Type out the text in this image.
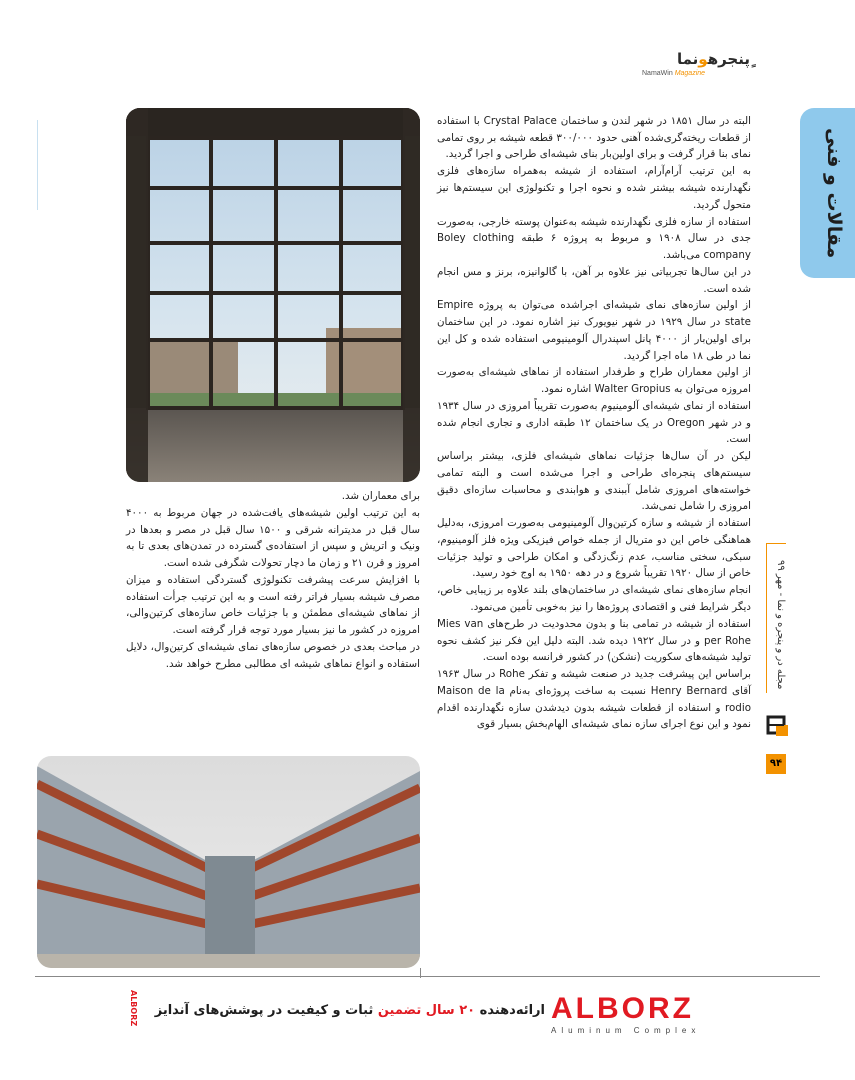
ٍپنجرهونما
NamaWin Magazine
مقالات و فنی
مجله در و پنجره و نما - مهر ۹۹
۹۴

البته در سال ۱۸۵۱ در شهر لندن و ساختمان Crystal Palace با استفاده از قطعات ریخته‌گری‌شده آهنی حدود ۳۰۰/۰۰۰ قطعه شیشه بر روی تمامی نمای بنا قرار گرفت و برای اولین‌بار بنای شیشه‌ای طراحی و اجرا گردید.

به این ترتیب آرام‌آرام، استفاده از شیشه به‌همراه سازه‌های فلزی نگهدارنده شیشه بیشتر شده و نحوه اجرا و تکنولوژی این سیستم‌ها نیز متحول گردید.

استفاده از سازه فلزی نگهدارنده شیشه به‌عنوان پوسته خارجی، به‌صورت جدی در سال ۱۹۰۸ و مربوط به پروژه ۶ طبقه Boley clothing company می‌باشد.

در این سال‌ها تجربیاتی نیز علاوه بر آهن، با گالوانیزه، برنز و مس انجام شده است.

از اولین سازه‌های نمای شیشه‌ای اجراشده می‌توان به پروژه Empire state در سال ۱۹۲۹ در شهر نیویورک نیز اشاره نمود. در این ساختمان برای اولین‌بار از ۴۰۰۰ پانل اسپندرال آلومینیومی استفاده شده و کل این نما در طی ۱۸ ماه اجرا گردید.

از اولین معماران طراح و طرفدار استفاده از نماهای شیشه‌ای به‌صورت امروزه می‌توان به Walter Gropius اشاره نمود.

استفاده از نمای شیشه‌ای آلومینیوم به‌صورت تقریباً امروزی در سال ۱۹۳۴ و در شهر Oregon در یک ساختمان ۱۲ طبقه اداری و تجاری انجام شده است.

لیکن در آن سال‌ها جزئیات نماهای شیشه‌ای فلزی، بیشتر براساس سیستم‌های پنجره‌ای طراحی و اجرا می‌شده است و البته تمامی خواسته‌های امروزی شامل آببندی و هوابندی و محاسبات سازه‌ای دقیق امروزی را شامل نمی‌شد.

استفاده از شیشه و سازه کرتین‌وال آلومینیومی به‌صورت امروزی، به‌دلیل هماهنگی خاص این دو متریال از جمله خواص فیزیکی ویژه فلز آلومینیوم، سبکی، سختی مناسب، عدم زنگ‌زدگی و امکان طراحی و تولید جزئیات خاص از سال ۱۹۲۰ تقریباً شروع و در دهه ۱۹۵۰ به اوج خود رسید.

انجام سازه‌های نمای شیشه‌ای در ساختمان‌های بلند علاوه بر زیبایی خاص، دیگر شرایط فنی و اقتصادی پروژه‌ها را نیز به‌خوبی تأمین می‌نمود.

استفاده از شیشه در تمامی بنا و بدون محدودیت در طرح‌های Mies van per Rohe و در سال ۱۹۲۲ دیده شد. البته دلیل این فکر نیز کشف نحوه تولید شیشه‌های سکوریت (نشکن) در کشور فرانسه بوده است.

براساس این پیشرفت جدید در صنعت شیشه و تفکر Rohe در سال ۱۹۶۳ آقای Henry Bernard نسبت به ساخت پروژه‌ای به‌نام Maison de la rodio و استفاده از قطعات شیشه بدون دیدشدن سازه نگهدارنده اقدام نمود و این نوع اجرای سازه نمای شیشه‌ای الهام‌بخش بسیار قوی

برای معماران شد.

به این ترتیب اولین شیشه‌های یافت‌شده در جهان مربوط به ۴۰۰۰ سال قبل در مدیترانه شرقی و ۱۵۰۰ سال قبل در مصر و بعدها در ونیک و اتریش و سپس از استفاده‌ی گسترده در تمدن‌های بعدی تا به امروز و قرن ۲۱ و زمان ما دچار تحولات شگرفی شده است.

با افزایش سرعت پیشرفت تکنولوژی گستردگی استفاده و میزان مصرف شیشه بسیار فراتر رفته است و به این ترتیب جرأت استفاده از نماهای شیشه‌ای مطمئن و با جزئیات خاص سازه‌های کرتین‌والی، امروزه در کشور ما نیز بسیار مورد توجه قرار گرفته است.

در مباحث بعدی در خصوص سازه‌های نمای شیشه‌ای کرتین‌وال، دلایل استفاده و انواع نماهای شیشه ای مطالبی مطرح خواهد شد.

ALBORZ	ارائه‌دهنده ۲۰ سال تضمین ثبات و کیفیت در پوشش‌های آندایز	ALBORZ
Aluminum Complex
